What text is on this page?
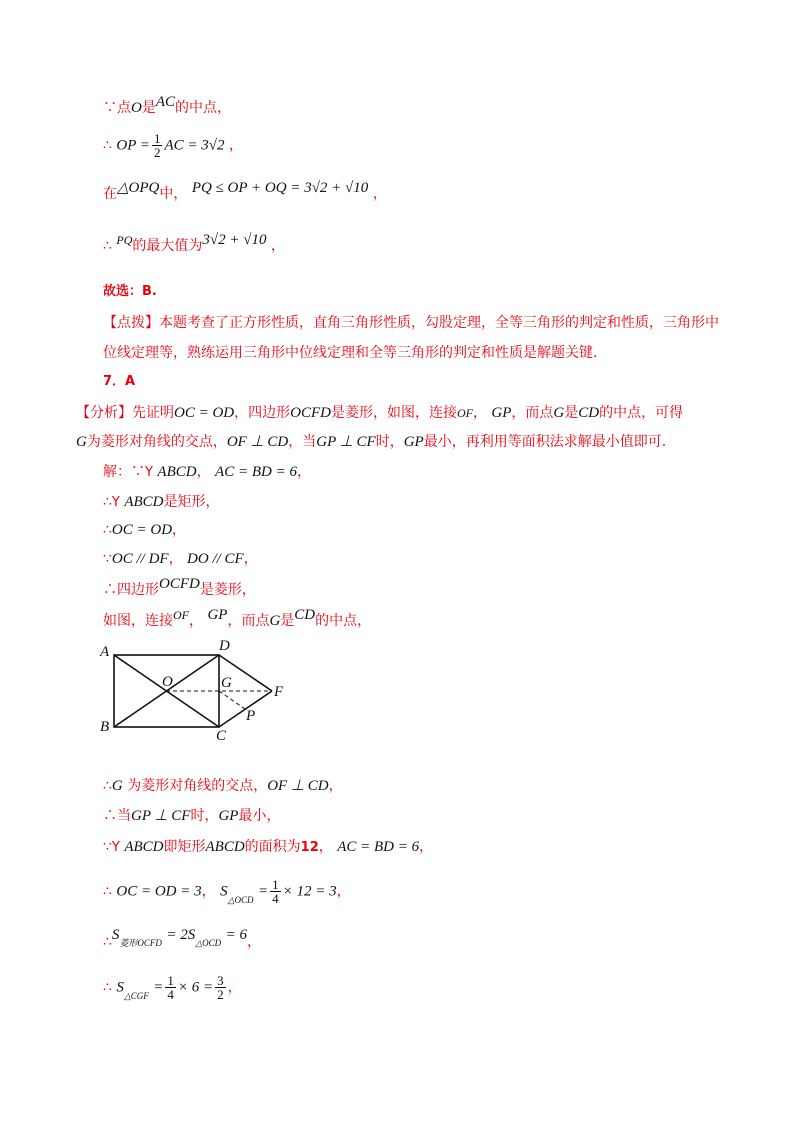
∵点O是AC的中点，
∴ OP = $\frac{1}{2}$ AC = 3√2 ，
在△OPQ中， PQ ≤ OP + OQ = 3√2 + √10 ，
∴ PQ的最大值为3√2 + √10 ，
故选：B.
【点拨】本题考查了正方形性质，直角三角形性质，勾股定理，全等三角形的判定和性质，三角形中
位线定理等，熟练运用三角形中位线定理和全等三角形的判定和性质是解题关键.
7．A
【分析】先证明OC = OD，四边形OCFD是菱形，如图，连接OF， GP，而点G是CD的中点，可得
G为菱形对角线的交点，OF ⊥ CD，当GP ⊥ CF时，GP最小，再利用等面积法求解最小值即可.
解：∵Y ABCD， AC = BD = 6，
∴Y ABCD是矩形，
∴OC = OD，
∵OC // DF， DO // CF，
∴四边形OCFD是菱形，
如图，连接OF， GP，而点G是CD的中点，
A
B
C
D
O	G
F
P
∴G 为菱形对角线的交点，OF ⊥ CD，
∴当GP ⊥ CF时，GP最小，
∵Y ABCD即矩形ABCD的面积为12， AC = BD = 6，
∴ OC = OD = 3， $S_{\triangle OCD} = \frac{1}{4} \times 12 = 3$，
$\therefore S_{菱形OCFD} = 2S_{\triangle OCD} = 6$，
∴ $S_{\triangle CGF} = \frac{1}{4} \times 6 = \frac{3}{2}$ ，
